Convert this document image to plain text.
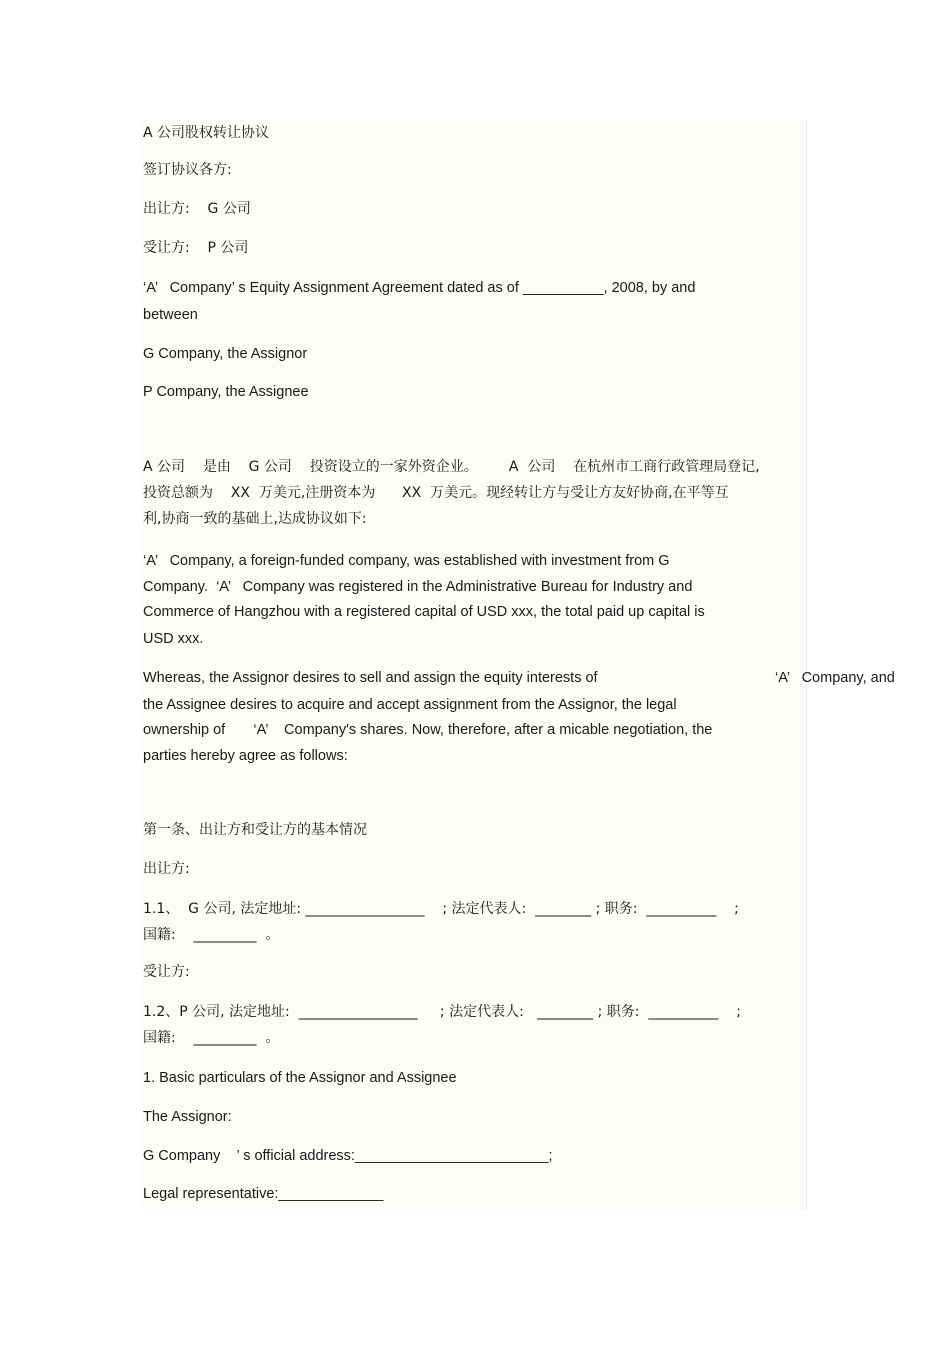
A 公司股权转让协议
签订协议各方:
出让方:    G 公司
受让方:    P 公司
‘A’   Company’ s Equity Assignment Agreement dated as of __________, 2008, by and
between
G Company, the Assignor
P Company, the Assignee
A 公司    是由    G 公司    投资设立的一家外资企业。       A  公司    在杭州市工商行政管理局登记,
投资总额为    XX  万美元,注册资本为      XX  万美元。现经转让方与受让方友好协商,在平等互
利,协商一致的基础上,达成协议如下:
‘A’   Company, a foreign-funded company, was established with investment from G
Company.  ‘A’   Company was registered in the Administrative Bureau for Industry and
Commerce of Hangzhou with a registered capital of USD xxx, the total paid up capital is
USD xxx.
Whereas, the Assignor desires to sell and assign the equity interests of	‘A’   Company, and
the Assignee desires to acquire and accept assignment from the Assignor, the legal
ownership of       ‘A’    Company's shares. Now, therefore, after a micable negotiation, the
parties hereby agree as follows:
第一条、出让方和受让方的基本情况
出让方:
1.1、  G 公司, 法定地址: _________________    ; 法定代表人:  ________ ; 职务:  __________    ;
国籍:    _________  。
受让方:
1.2、P 公司, 法定地址:  _________________     ; 法定代表人:   ________ ; 职务:  __________    ;
国籍:    _________  。
1. Basic particulars of the Assignor and Assignee
The Assignor:
G Company    ’ s official address:________________________;
Legal representative:_____________
